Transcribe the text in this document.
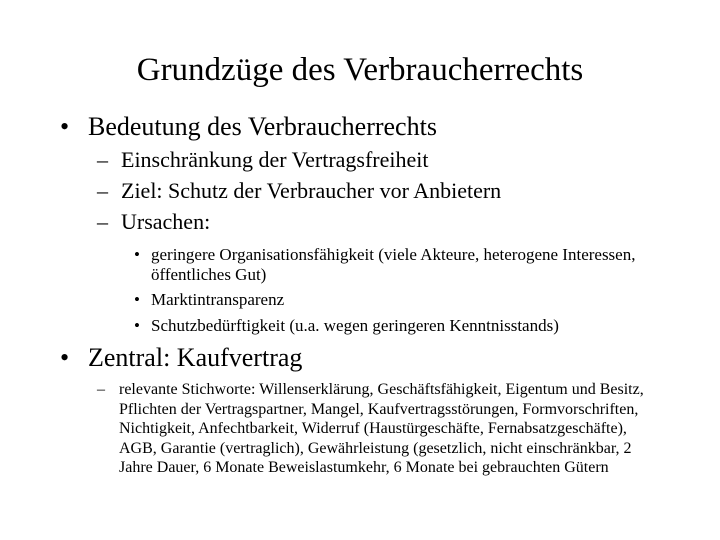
Grundzüge des Verbraucherrechts
• Bedeutung des Verbraucherrechts
– Einschränkung der Vertragsfreiheit
– Ziel: Schutz der Verbraucher vor Anbietern
– Ursachen:
• geringere Organisationsfähigkeit (viele Akteure, heterogene Interessen, öffentliches Gut)
• Marktintransparenz
• Schutzbedürftigkeit (u.a. wegen geringeren Kenntnisstands)
• Zentral: Kaufvertrag
– relevante Stichworte: Willenserklärung, Geschäftsfähigkeit, Eigentum und Besitz, Pflichten der Vertragspartner, Mangel, Kaufvertragsstörungen, Formvorschriften, Nichtigkeit, Anfechtbarkeit, Widerruf (Haustürgeschäfte, Fernabsatzgeschäfte), AGB, Garantie (vertraglich), Gewährleistung (gesetzlich, nicht einschränkbar, 2 Jahre Dauer, 6 Monate Beweislastumkehr, 6 Monate bei gebrauchten Gütern
